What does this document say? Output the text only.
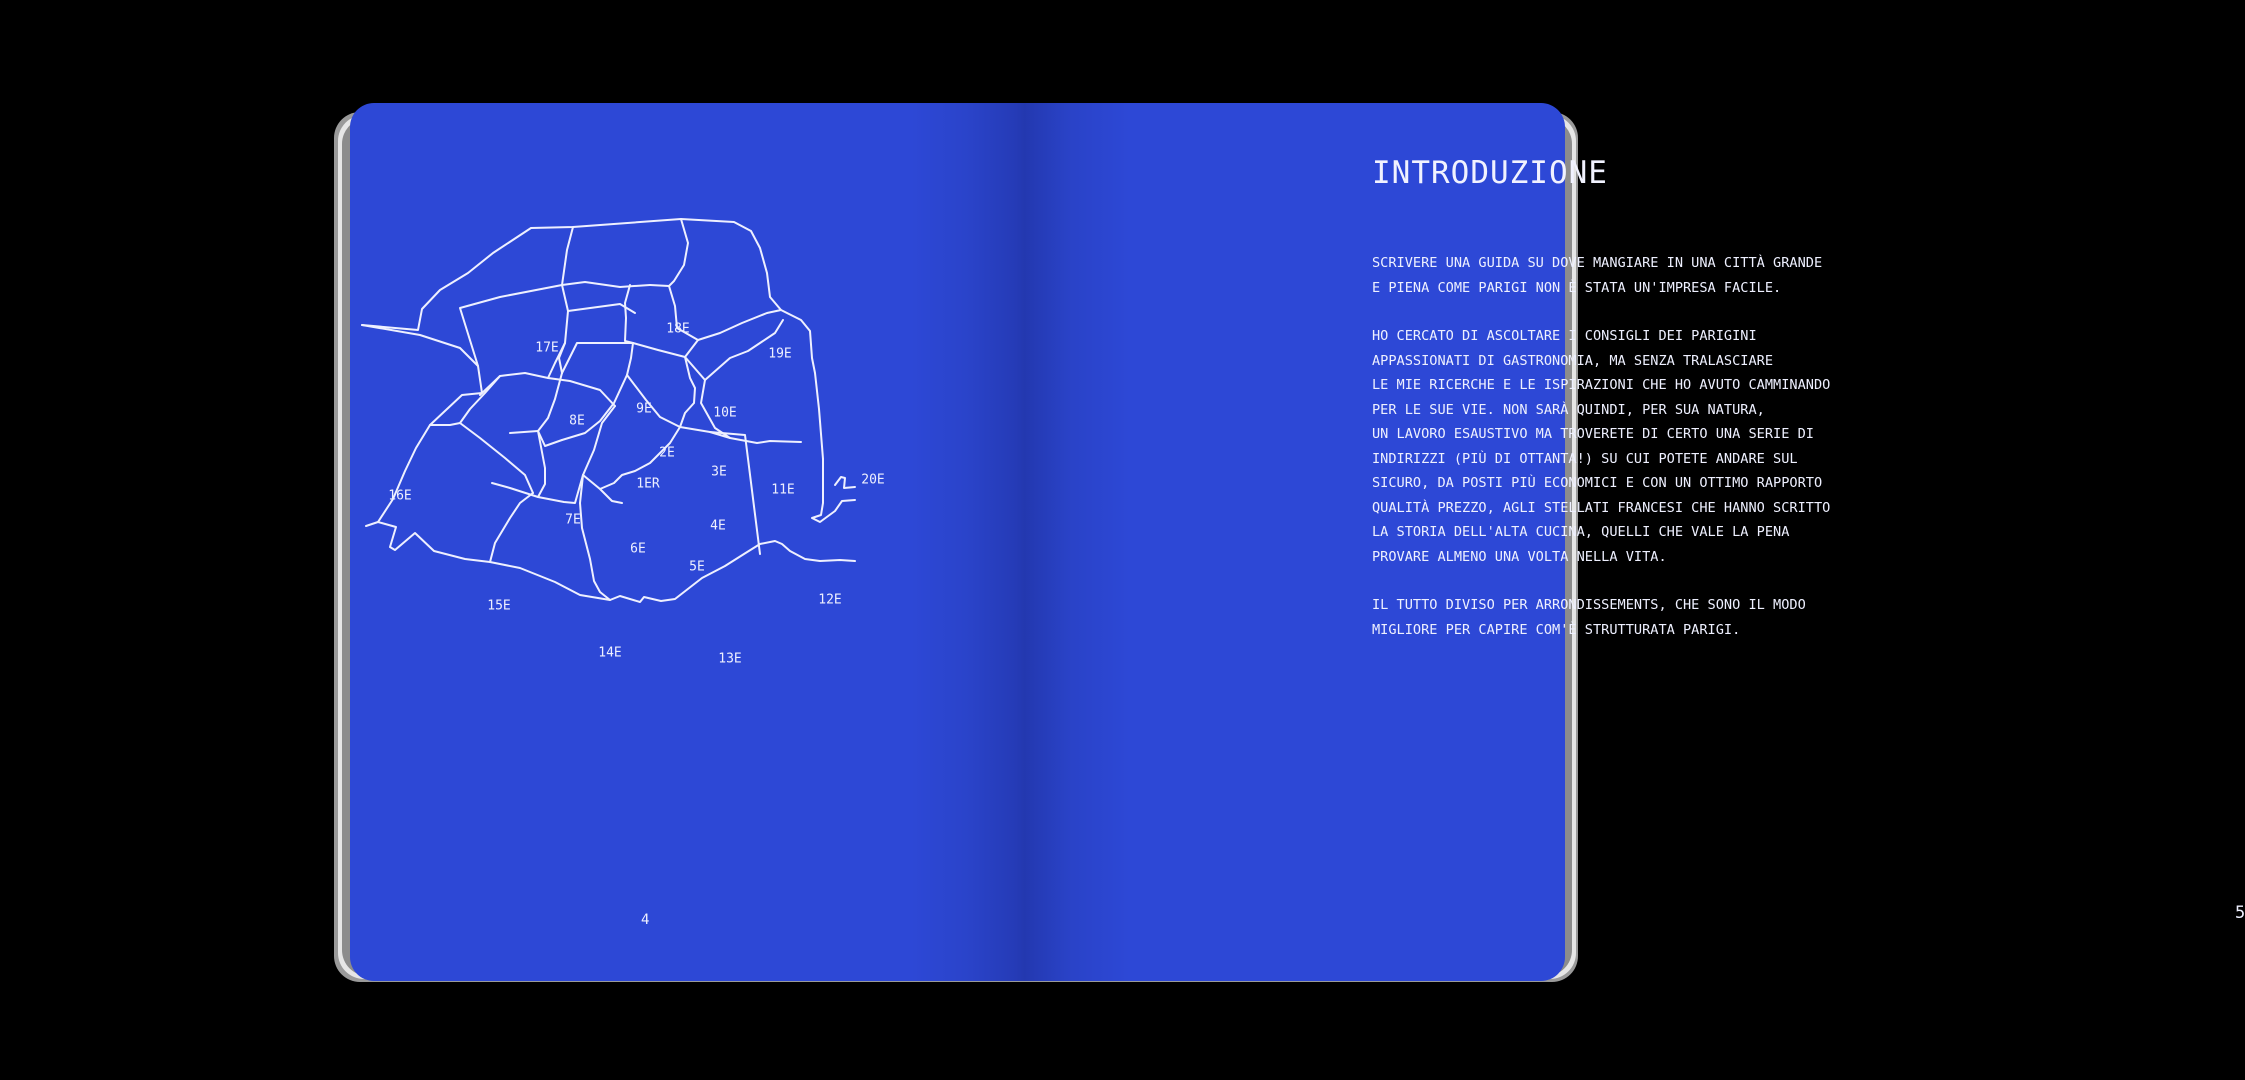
17E
18E
19E
8E
9E	10E
16E
2E
3E
1ER	11E
20E
7E	4E
6E
5E
15E	12E
14E	13E
4
INTRODUZIONE

SCRIVERE UNA GUIDA SU DOVE MANGIARE IN UNA CITTÀ GRANDE
E PIENA COME PARIGI NON È STATA UN'IMPRESA FACILE.

HO CERCATO DI ASCOLTARE I CONSIGLI DEI PARIGINI
APPASSIONATI DI GASTRONOMIA, MA SENZA TRALASCIARE
LE MIE RICERCHE E LE ISPIRAZIONI CHE HO AVUTO CAMMINANDO
PER LE SUE VIE. NON SARÀ QUINDI, PER SUA NATURA,
UN LAVORO ESAUSTIVO MA TROVERETE DI CERTO UNA SERIE DI
INDIRIZZI (PIÙ DI OTTANTA!) SU CUI POTETE ANDARE SUL
SICURO, DA POSTI PIÙ ECONOMICI E CON UN OTTIMO RAPPORTO
QUALITÀ PREZZO, AGLI STELLATI FRANCESI CHE HANNO SCRITTO
LA STORIA DELL'ALTA CUCINA, QUELLI CHE VALE LA PENA
PROVARE ALMENO UNA VOLTA NELLA VITA.

IL TUTTO DIVISO PER ARRONDISSEMENTS, CHE SONO IL MODO
MIGLIORE PER CAPIRE COM'È STRUTTURATA PARIGI.

5
